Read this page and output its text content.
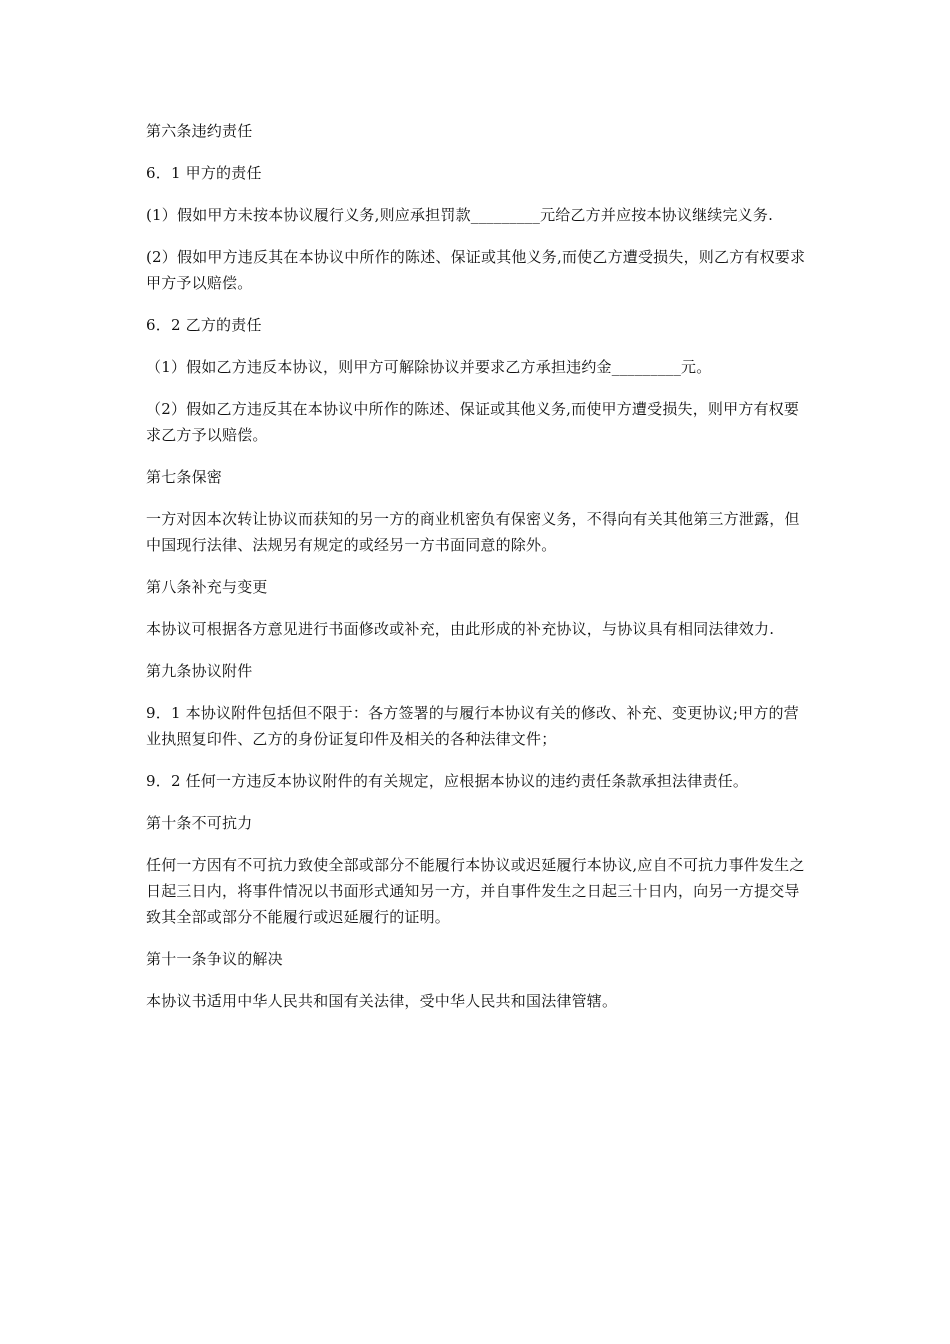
第六条违约责任

6．1 甲方的责任

(1）假如甲方未按本协议履行义务,则应承担罚款_________元给乙方并应按本协议继续完义务.

(2）假如甲方违反其在本协议中所作的陈述、保证或其他义务,而使乙方遭受损失，则乙方有权要求甲方予以赔偿。

6．2 乙方的责任

（1）假如乙方违反本协议，则甲方可解除协议并要求乙方承担违约金_________元。

（2）假如乙方违反其在本协议中所作的陈述、保证或其他义务,而使甲方遭受损失，则甲方有权要求乙方予以赔偿。

第七条保密

一方对因本次转让协议而获知的另一方的商业机密负有保密义务，不得向有关其他第三方泄露，但中国现行法律、法规另有规定的或经另一方书面同意的除外。

第八条补充与变更

本协议可根据各方意见进行书面修改或补充，由此形成的补充协议，与协议具有相同法律效力.

第九条协议附件

9．1 本协议附件包括但不限于：各方签署的与履行本协议有关的修改、补充、变更协议;甲方的营业执照复印件、乙方的身份证复印件及相关的各种法律文件；

9．2 任何一方违反本协议附件的有关规定，应根据本协议的违约责任条款承担法律责任。

第十条不可抗力

任何一方因有不可抗力致使全部或部分不能履行本协议或迟延履行本协议,应自不可抗力事件发生之日起三日内，将事件情况以书面形式通知另一方，并自事件发生之日起三十日内，向另一方提交导致其全部或部分不能履行或迟延履行的证明。

第十一条争议的解决

本协议书适用中华人民共和国有关法律，受中华人民共和国法律管辖。
